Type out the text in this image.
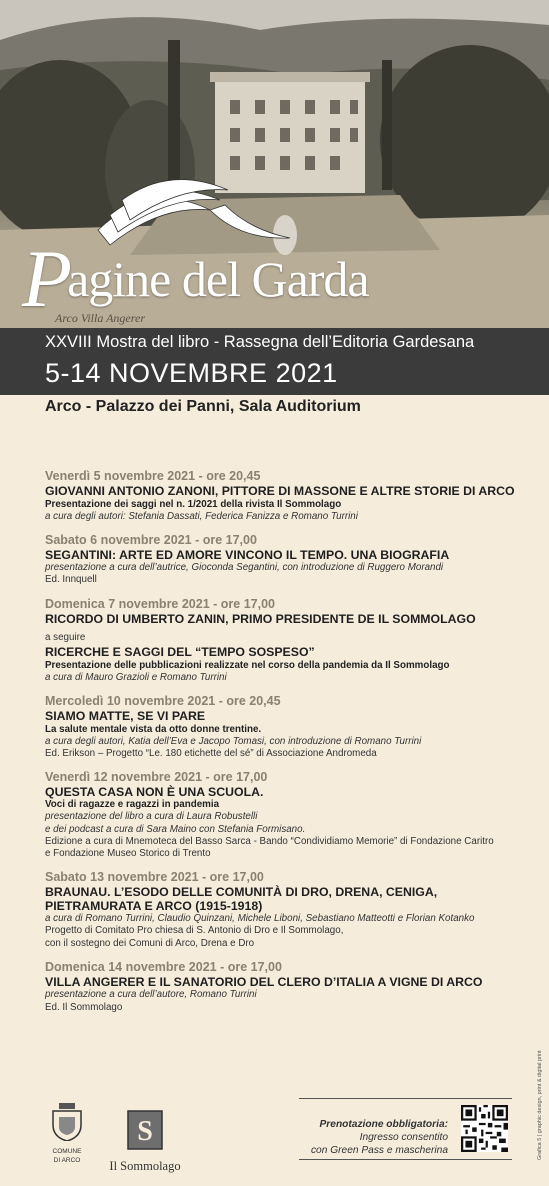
Pagine del Garda
Arco Villa Angerer
XXVIII Mostra del libro - Rassegna dell’Editoria Gardesana
5-14 NOVEMBRE 2021
Arco - Palazzo dei Panni, Sala Auditorium
Venerdì 5 novembre 2021 - ore 20,45
GIOVANNI ANTONIO ZANONI, PITTORE DI MASSONE E ALTRE STORIE DI ARCO
Presentazione dei saggi nel n. 1/2021 della rivista Il Sommolago
a cura degli autori: Stefania Dassati, Federica Fanizza e Romano Turrini
Sabato 6 novembre 2021 - ore 17,00
SEGANTINI: ARTE ED AMORE VINCONO IL TEMPO. UNA BIOGRAFIA
presentazione a cura dell’autrice, Gioconda Segantini, con introduzione di Ruggero Morandi
Ed. Innquell
Domenica 7 novembre 2021 - ore 17,00
RICORDO DI UMBERTO ZANIN, PRIMO PRESIDENTE DE IL SOMMOLAGO
a seguire
RICERCHE E SAGGI DEL “TEMPO SOSPESO”
Presentazione delle pubblicazioni realizzate nel corso della pandemia da Il Sommolago
a cura di Mauro Grazioli e Romano Turrini
Mercoledì 10 novembre 2021 - ore 20,45
SIAMO MATTE, SE VI PARE
La salute mentale vista da otto donne trentine.
a cura degli autori, Katia dell’Eva e Jacopo Tomasi, con introduzione di Romano Turrini
Ed. Erikson – Progetto “Le. 180 etichette del sé” di Associazione Andromeda
Venerdì 12 novembre 2021 - ore 17,00
QUESTA CASA NON È UNA SCUOLA.
Voci di ragazze e ragazzi in pandemia
presentazione del libro a cura di Laura Robustelli
e dei podcast a cura di Sara Maino con Stefania Formisano.
Edizione a cura di Mnemoteca del Basso Sarca - Bando “Condividiamo Memorie” di Fondazione Caritro
e Fondazione Museo Storico di Trento
Sabato 13 novembre 2021 - ore 17,00
BRAUNAU. L’ESODO DELLE COMUNITÀ DI DRO, DRENA, CENIGA,
PIETRAMURATA E ARCO (1915-1918)
a cura di Romano Turrini, Claudio Quinzani, Michele Liboni, Sebastiano Matteotti e Florian Kotanko
Progetto di Comitato Pro chiesa di S. Antonio di Dro e Il Sommolago,
con il sostegno dei Comuni di Arco, Drena e Dro
Domenica 14 novembre 2021 - ore 17,00
VILLA ANGERER E IL SANATORIO DEL CLERO D’ITALIA A VIGNE DI ARCO
presentazione a cura dell’autore, Romano Turrini
Ed. Il Sommolago
Grafica 5 | graphic design, print & digital print
COMUNE
DI ARCO
S
Il Sommolago
Prenotazione obbligatoria:
Ingresso consentito
con Green Pass e mascherina
